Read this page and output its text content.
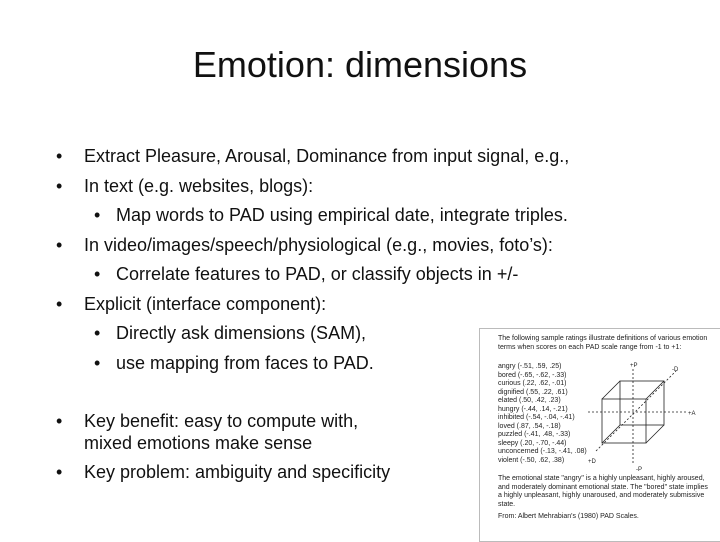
Emotion: dimensions
•	Extract Pleasure, Arousal, Dominance from input signal, e.g.,
•	In text (e.g. websites, blogs):
• Map words to PAD using empirical date, integrate triples.
•	In video/images/speech/physiological (e.g., movies, foto’s):
• Correlate features to PAD, or classify objects in +/-
•	Explicit (interface component):
• Directly ask dimensions (SAM),
• use mapping from faces to PAD.
•	Key benefit: easy to compute with,
mixed emotions make sense
•	Key problem: ambiguity and specificity
The following sample ratings illustrate definitions of various emotion terms when scores on each PAD scale range from -1 to +1:
angry (-.51, .59, .25)
bored (-.65, -.62, -.33)
curious (.22, .62, -.01)
dignified (.55, .22, .61)
elated (.50, .42, .23)
hungry (-.44, .14, -.21)
inhibited (-.54, -.04, -.41)
loved (.87, .54, -.18)
puzzled (-.41, .48, -.33)
sleepy (.20, -.70, -.44)
unconcerned (-.13, -.41, .08)
violent (-.50, .62, .38)
+P
-P
+A
-D
+D
The emotional state "angry" is a highly unpleasant, highly aroused, and moderately dominant emotional state. The "bored" state implies a highly unpleasant, highly unaroused, and moderately submissive state.
From: Albert Mehrabian's (1980) PAD Scales.
